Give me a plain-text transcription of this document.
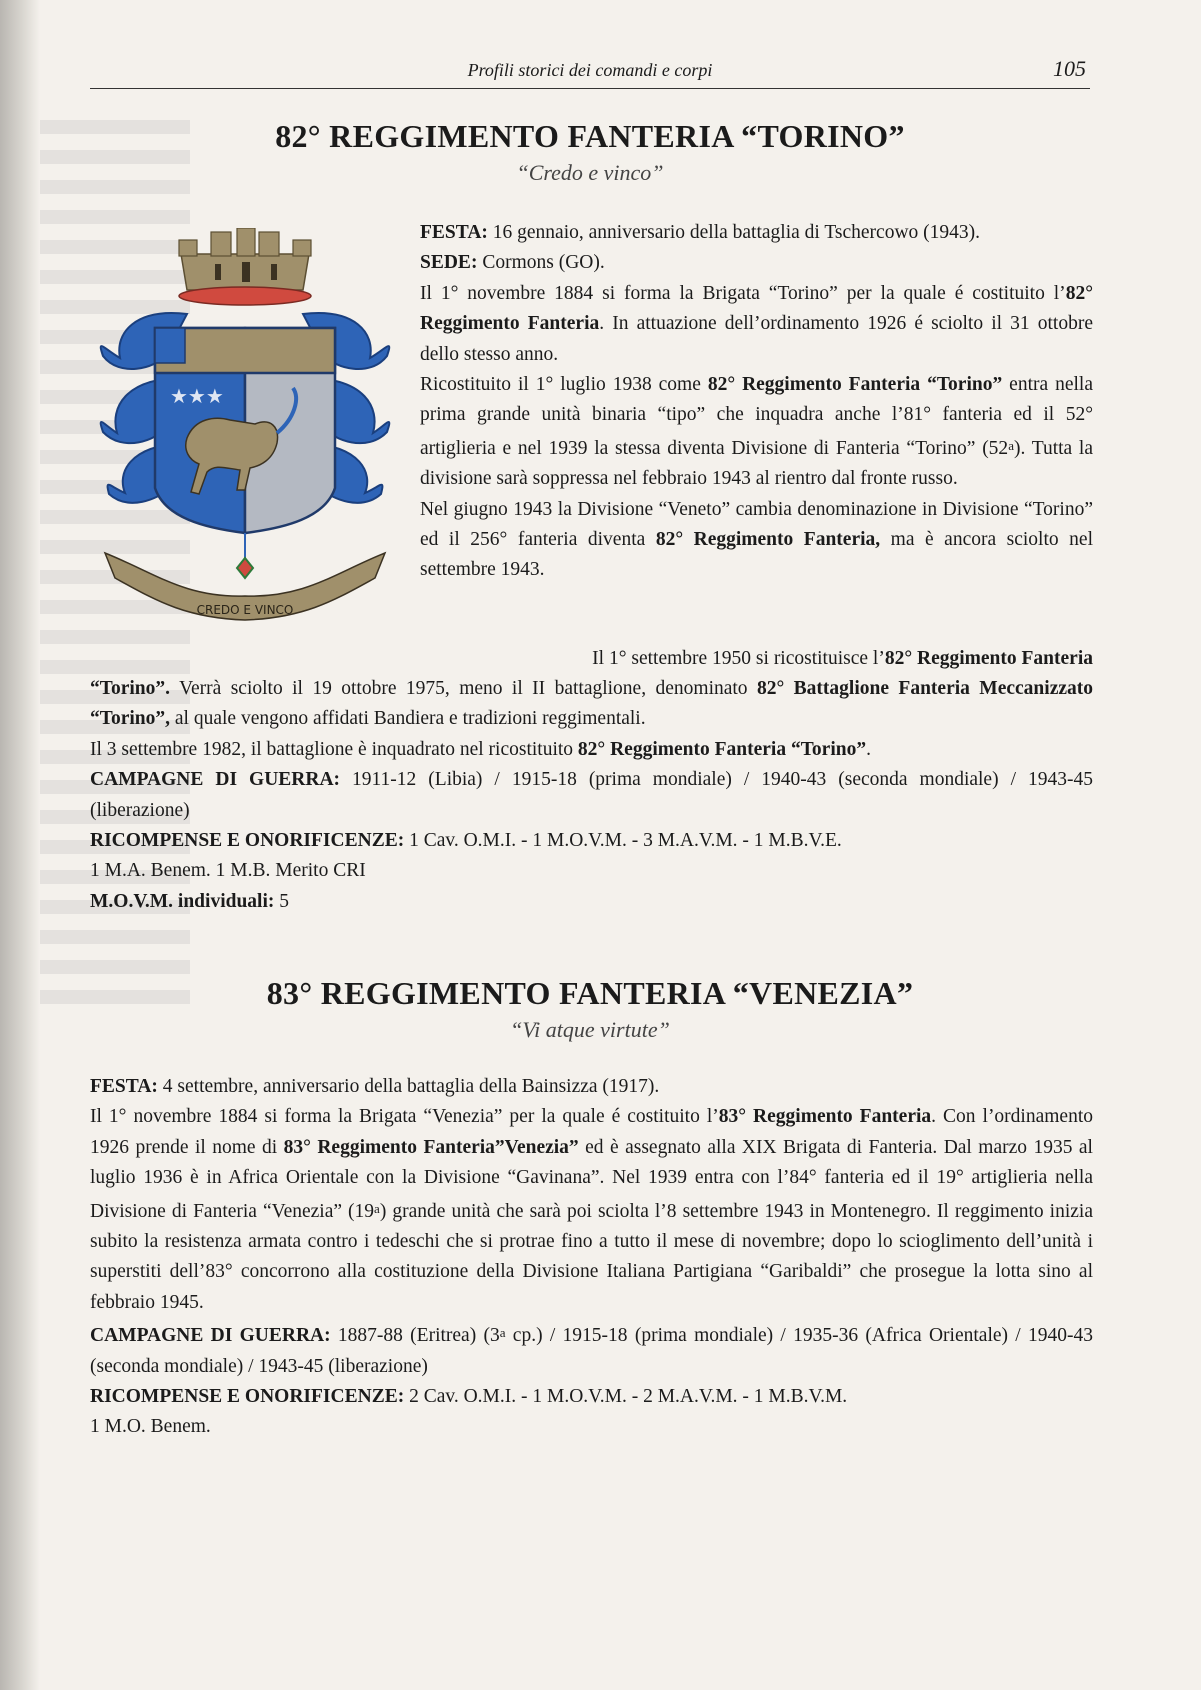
Profili storici dei comandi e corpi	105
82° REGGIMENTO FANTERIA “TORINO”
“Credo e vinco”
★★★
CREDO E VINCO

FESTA: 16 gennaio, anniversario della battaglia di Tschercowo (1943).
SEDE: Cormons (GO).
Il 1° novembre 1884 si forma la Brigata “Torino” per la quale é costituito l’82° Reggimento Fanteria. In attuazione dell’ordinamento 1926 é sciolto il 31 ottobre dello stesso anno.
Ricostituito il 1° luglio 1938 come 82° Reggimento Fanteria “Torino” entra nella prima grande unità binaria “tipo” che inquadra anche l’81° fanteria ed il 52° artiglieria e nel 1939 la stessa diventa Divisione di Fanteria “Torino” (52$^a$). Tutta la divisione sarà soppressa nel febbraio 1943 al rientro dal fronte russo.
Nel giugno 1943 la Divisione “Veneto” cambia denominazione in Divisione “Torino” ed il 256° fanteria diventa 82° Reggimento Fanteria, ma è ancora sciolto nel settembre 1943.

Il 1° settembre 1950 si ricostituisce l’82° Reggimento Fanteria

“Torino”. Verrà sciolto il 19 ottobre 1975, meno il II battaglione, denominato 82° Battaglione Fanteria Meccanizzato “Torino”, al quale vengono affidati Bandiera e tradizioni reggimentali.
Il 3 settembre 1982, il battaglione è inquadrato nel ricostituito 82° Reggimento Fanteria “Torino”.
CAMPAGNE DI GUERRA: 1911-12 (Libia) / 1915-18 (prima mondiale) / 1940-43 (seconda mondiale) / 1943-45 (liberazione)
RICOMPENSE E ONORIFICENZE: 1 Cav. O.M.I. - 1 M.O.V.M. - 3 M.A.V.M. - 1 M.B.V.E.
1 M.A. Benem. 1 M.B. Merito CRI
M.O.V.M. individuali: 5

83° REGGIMENTO FANTERIA “VENEZIA”
“Vi atque virtute”

FESTA: 4 settembre, anniversario della battaglia della Bainsizza (1917).
Il 1° novembre 1884 si forma la Brigata “Venezia” per la quale é costituito l’83° Reggimento Fanteria. Con l’ordinamento 1926 prende il nome di 83° Reggimento Fanteria”Venezia” ed è assegnato alla XIX Brigata di Fanteria. Dal marzo 1935 al luglio 1936 è in Africa Orientale con la Divisione “Gavinana”. Nel 1939 entra con l’84° fanteria ed il 19° artiglieria nella Divisione di Fanteria “Venezia” (19$^a$) grande unità che sarà poi sciolta l’8 settembre 1943 in Montenegro. Il reggimento inizia subito la resistenza armata contro i tedeschi che si protrae fino a tutto il mese di novembre; dopo lo scioglimento dell’unità i superstiti dell’83° concorrono alla costituzione della Divisione Italiana Partigiana “Garibaldi” che prosegue la lotta sino al febbraio 1945.
CAMPAGNE DI GUERRA: 1887-88 (Eritrea) (3$^a$ cp.) / 1915-18 (prima mondiale) / 1935-36 (Africa Orientale) / 1940-43 (seconda mondiale) / 1943-45 (liberazione)
RICOMPENSE E ONORIFICENZE: 2 Cav. O.M.I. - 1 M.O.V.M. - 2 M.A.V.M. - 1 M.B.V.M.
1 M.O. Benem.
